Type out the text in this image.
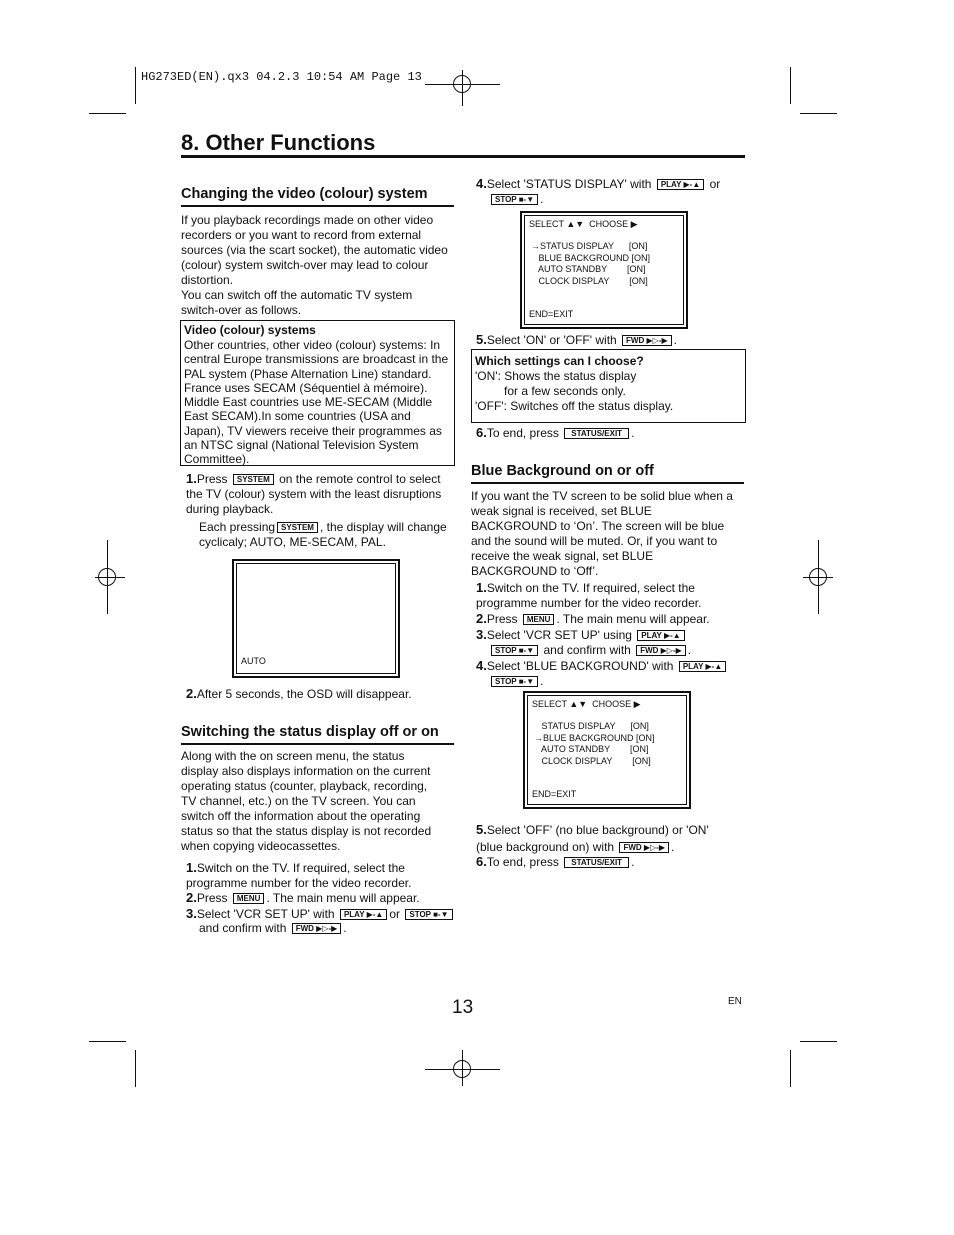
HG273ED(EN).qx3 04.2.3 10:54 AM Page 13
8. Other Functions
Changing the video (colour) system
If you playback recordings made on other video recorders or you want to record from external sources (via the scart socket), the automatic video (colour) system switch-over may lead to colour distortion.
You can switch off the automatic TV system switch-over as follows.
Video (colour) systems
Other countries, other video (colour) systems: In central Europe transmissions are broadcast in the PAL system (Phase Alternation Line) standard. France uses SECAM (Séquentiel à mémoire). Middle East countries use ME-SECAM (Middle East SECAM).In some countries (USA and Japan), TV viewers receive their programmes as an NTSC signal (National Television System Committee).
1.Press SYSTEM on the remote control to select the TV (colour) system with the least disruptions during playback.
Each pressing SYSTEM , the display will change cyclicaly; AUTO, ME-SECAM, PAL.
AUTO
2.After 5 seconds, the OSD will disappear.
Switching the status display off or on
Along with the on screen menu, the status display also displays information on the current operating status (counter, playback, recording, TV channel, etc.) on the TV screen. You can switch off the information about the operating status so that the status display is not recorded when copying videocassettes.
1.Switch on the TV. If required, select the programme number for the video recorder.
2.Press MENU . The main menu will appear.
3.Select 'VCR SET UP' with PLAY ▶-▲ or STOP ■-▼
and confirm with FWD ▶▷-▶ .
4.Select 'STATUS DISPLAY' with PLAY ▶-▲ or
STOP ■-▼ .
SELECT ▲▼  CHOOSE ▶
→STATUS DISPLAY      [ON]
BLUE BACKGROUND [ON]
AUTO STANDBY        [ON]
CLOCK DISPLAY        [ON]
END=EXIT
5.Select 'ON' or 'OFF' with FWD ▶▷-▶ .
Which settings can I choose?
'ON': Shows the status display
for a few seconds only.
'OFF': Switches off the status display.
6.To end, press STATUS/EXIT .
Blue Background on or off
If you want the TV screen to be solid blue when a weak signal is received, set BLUE BACKGROUND to ‘On’. The screen will be blue and the sound will be muted. Or, if you want to receive the weak signal, set BLUE BACKGROUND to ‘Off’.
1.Switch on the TV. If required, select the programme number for the video recorder.
2.Press MENU . The main menu will appear.
3.Select 'VCR SET UP' using PLAY ▶-▲
STOP ■-▼ and confirm with FWD ▶▷-▶ .
4.Select 'BLUE BACKGROUND' with PLAY ▶-▲
STOP ■-▼ .
SELECT ▲▼  CHOOSE ▶
STATUS DISPLAY      [ON]
→BLUE BACKGROUND [ON]
AUTO STANDBY        [ON]
CLOCK DISPLAY        [ON]
END=EXIT
5.Select 'OFF' (no blue background) or 'ON' (blue background on) with FWD ▶▷-▶ .
6.To end, press STATUS/EXIT .
13	EN
